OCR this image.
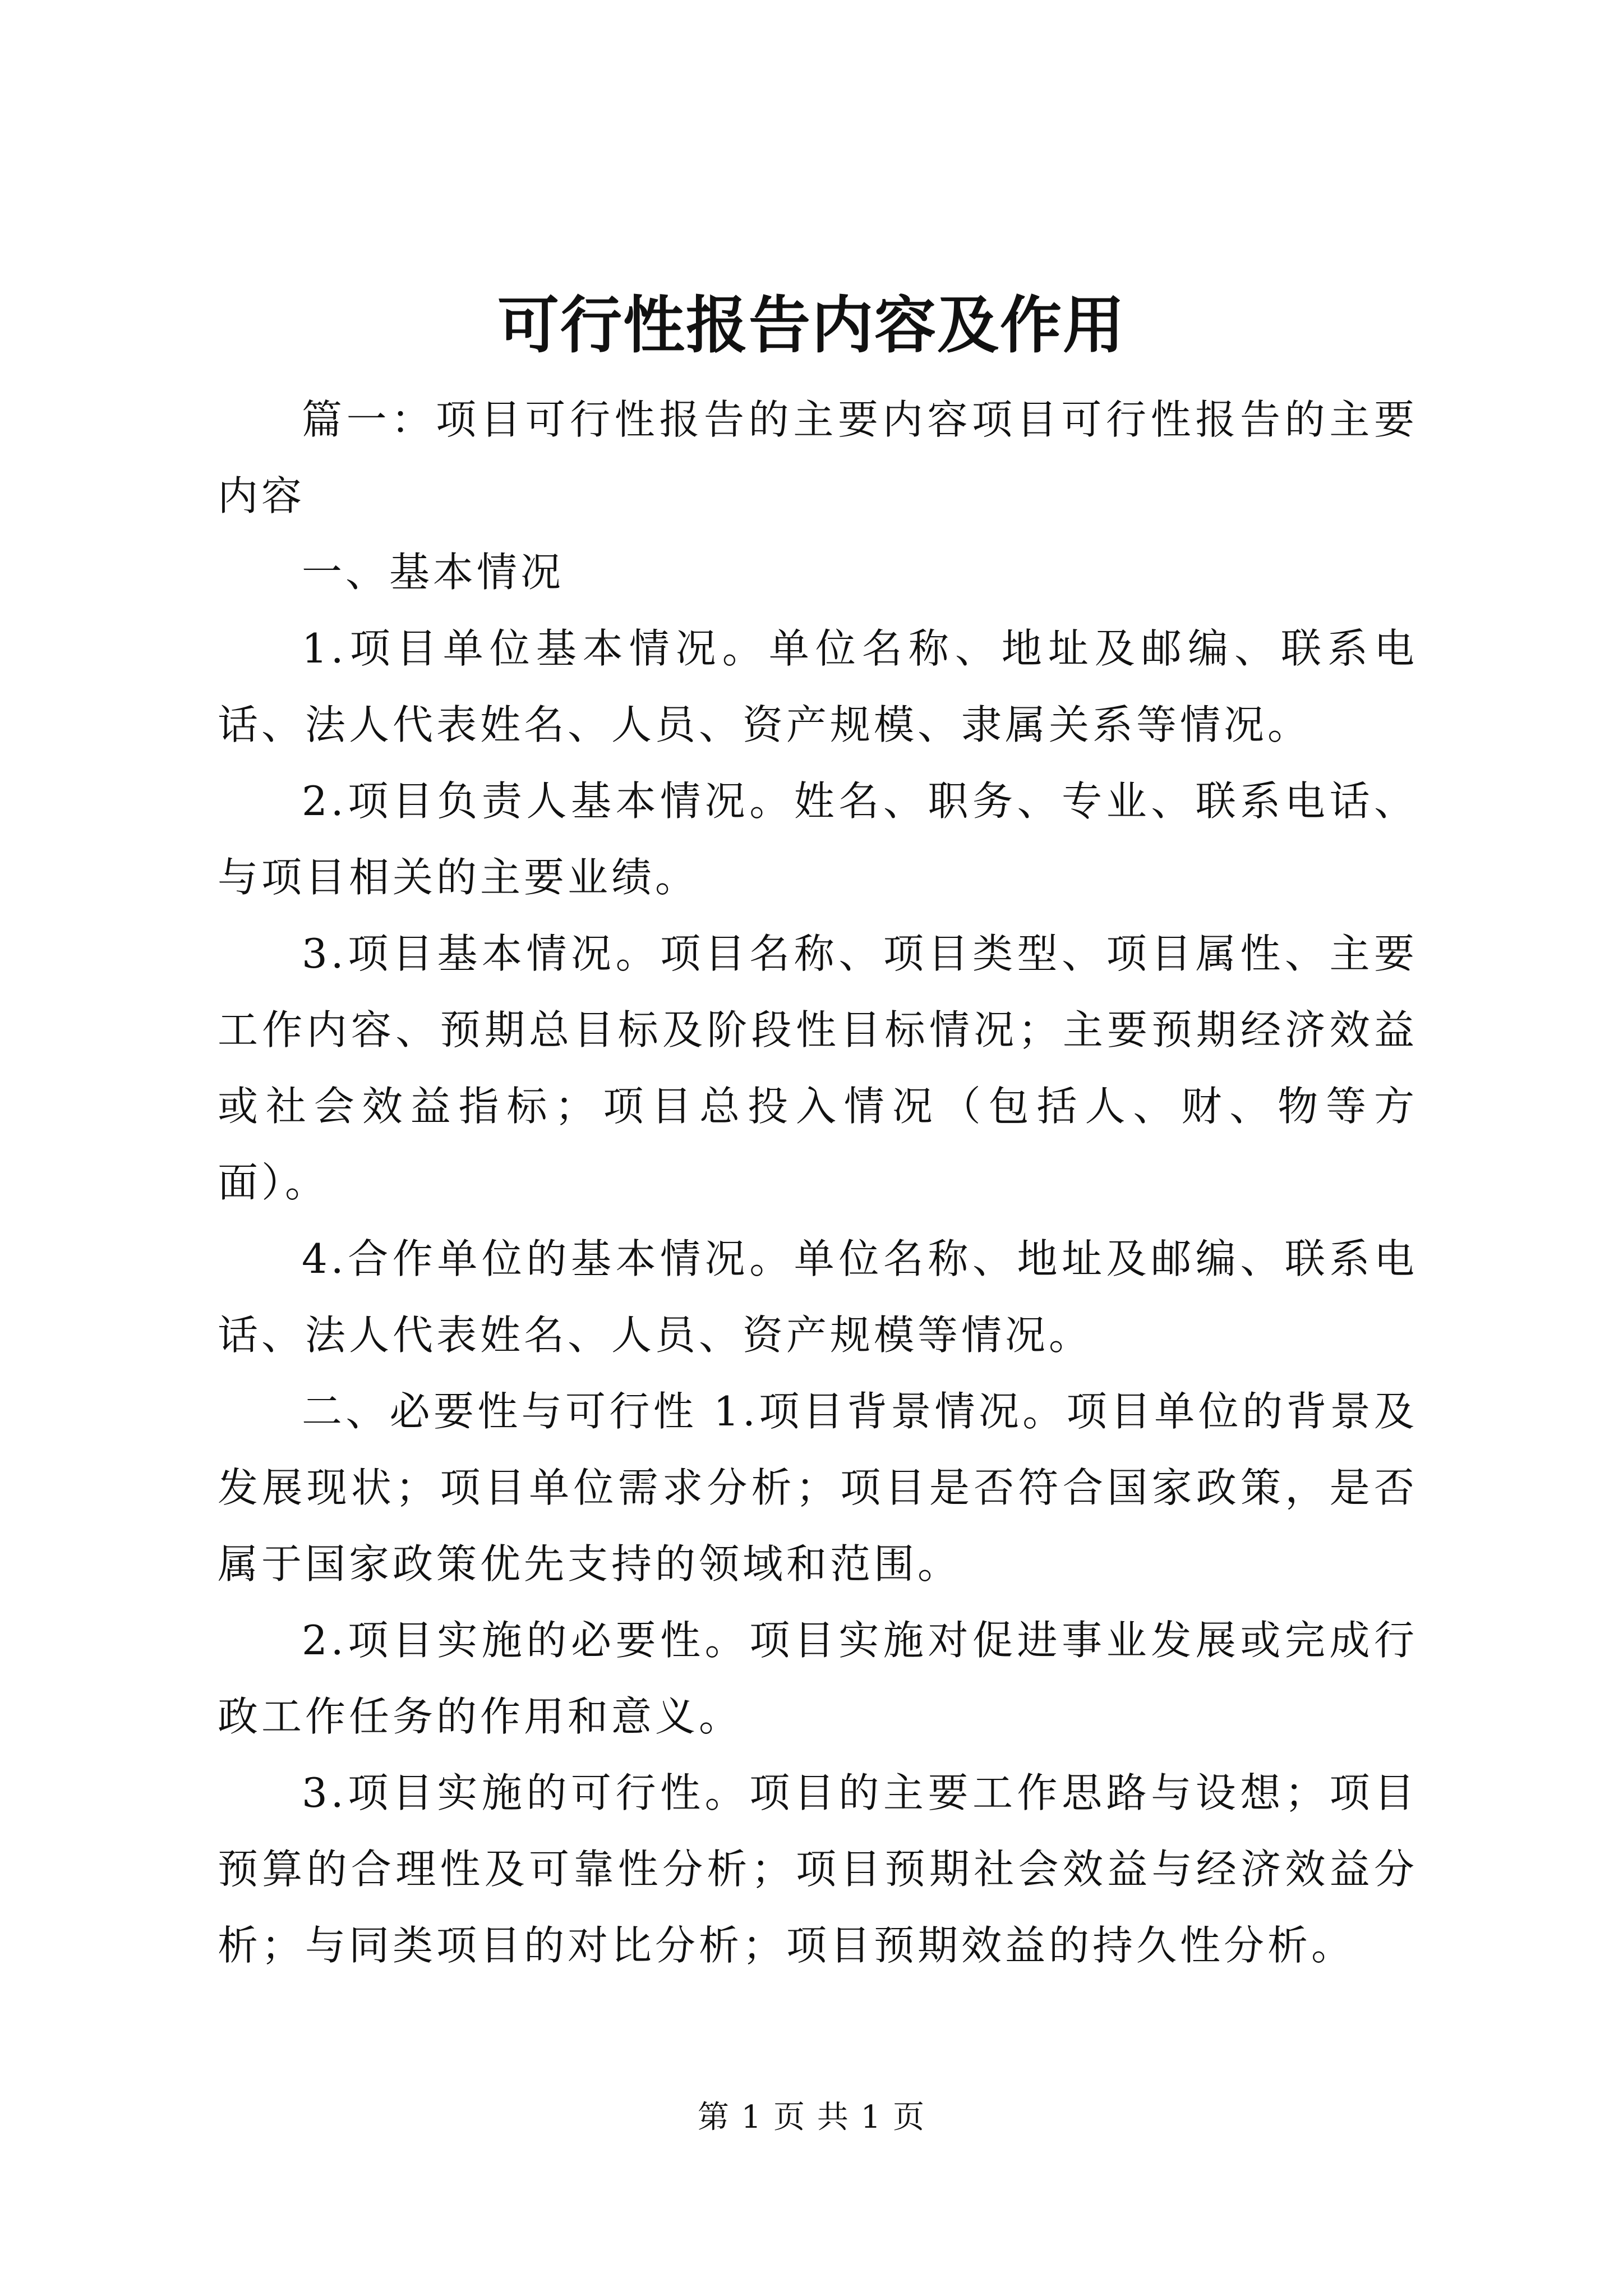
可行性报告内容及作用

篇一：项目可行性报告的主要内容项目可行性报告的主要内容

一、基本情况

1.项目单位基本情况。单位名称、地址及邮编、联系电话、法人代表姓名、人员、资产规模、隶属关系等情况。

2.项目负责人基本情况。姓名、职务、专业、联系电话、与项目相关的主要业绩。

3.项目基本情况。项目名称、项目类型、项目属性、主要工作内容、预期总目标及阶段性目标情况；主要预期经济效益或社会效益指标；项目总投入情况（包括人、财、物等方面）。

4.合作单位的基本情况。单位名称、地址及邮编、联系电话、法人代表姓名、人员、资产规模等情况。

二、必要性与可行性 1.项目背景情况。项目单位的背景及发展现状；项目单位需求分析；项目是否符合国家政策，是否属于国家政策优先支持的领域和范围。

2.项目实施的必要性。项目实施对促进事业发展或完成行政工作任务的作用和意义。

3.项目实施的可行性。项目的主要工作思路与设想；项目预算的合理性及可靠性分析；项目预期社会效益与经济效益分析；与同类项目的对比分析；项目预期效益的持久性分析。

第 1 页 共 1 页
